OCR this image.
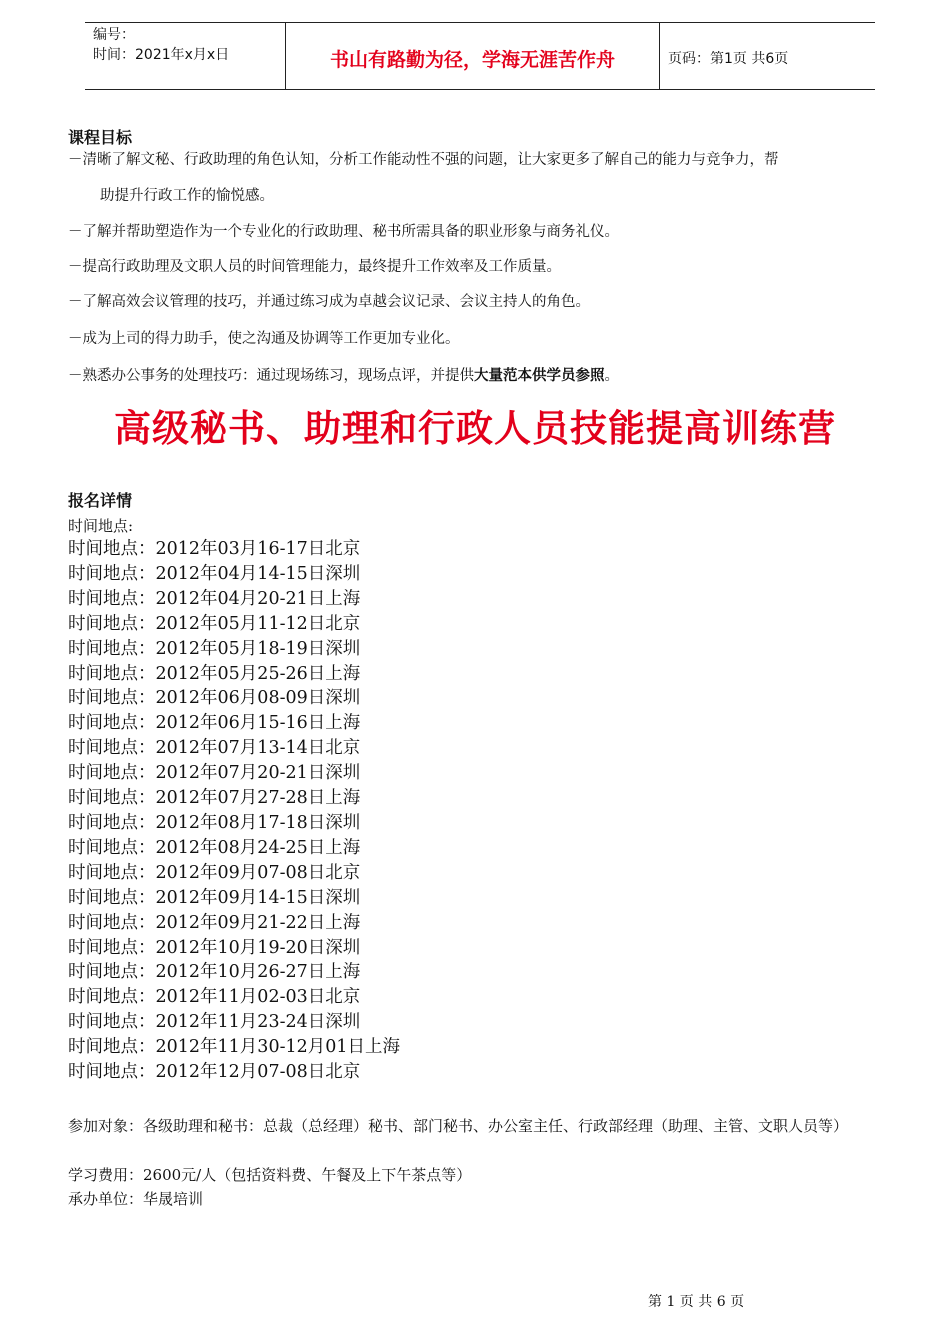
编号：
时间：2021年x月x日	书山有路勤为径，学海无涯苦作舟	页码：第1页 共6页
课程目标
－清晰了解文秘、行政助理的角色认知，分析工作能动性不强的问题，让大家更多了解自己的能力与竞争力，帮
助提升行政工作的愉悦感。
－了解并帮助塑造作为一个专业化的行政助理、秘书所需具备的职业形象与商务礼仪。
－提高行政助理及文职人员的时间管理能力，最终提升工作效率及工作质量。
－了解高效会议管理的技巧，并通过练习成为卓越会议记录、会议主持人的角色。
－成为上司的得力助手，使之沟通及协调等工作更加专业化。
－熟悉办公事务的处理技巧：通过现场练习，现场点评，并提供大量范本供学员参照。
高级秘书、助理和行政人员技能提高训练营
报名详情
时间地点:
时间地点：2012年03月16-17日北京
时间地点：2012年04月14-15日深圳
时间地点：2012年04月20-21日上海
时间地点：2012年05月11-12日北京
时间地点：2012年05月18-19日深圳
时间地点：2012年05月25-26日上海
时间地点：2012年06月08-09日深圳
时间地点：2012年06月15-16日上海
时间地点：2012年07月13-14日北京
时间地点：2012年07月20-21日深圳
时间地点：2012年07月27-28日上海
时间地点：2012年08月17-18日深圳
时间地点：2012年08月24-25日上海
时间地点：2012年09月07-08日北京
时间地点：2012年09月14-15日深圳
时间地点：2012年09月21-22日上海
时间地点：2012年10月19-20日深圳
时间地点：2012年10月26-27日上海
时间地点：2012年11月02-03日北京
时间地点：2012年11月23-24日深圳
时间地点：2012年11月30-12月01日上海
时间地点：2012年12月07-08日北京
参加对象：各级助理和秘书：总裁（总经理）秘书、部门秘书、办公室主任、行政部经理（助理、主管、文职人员等）
学习费用：2600元/人（包括资料费、午餐及上下午茶点等）
承办单位：华晟培训
第 1 页 共 6 页
